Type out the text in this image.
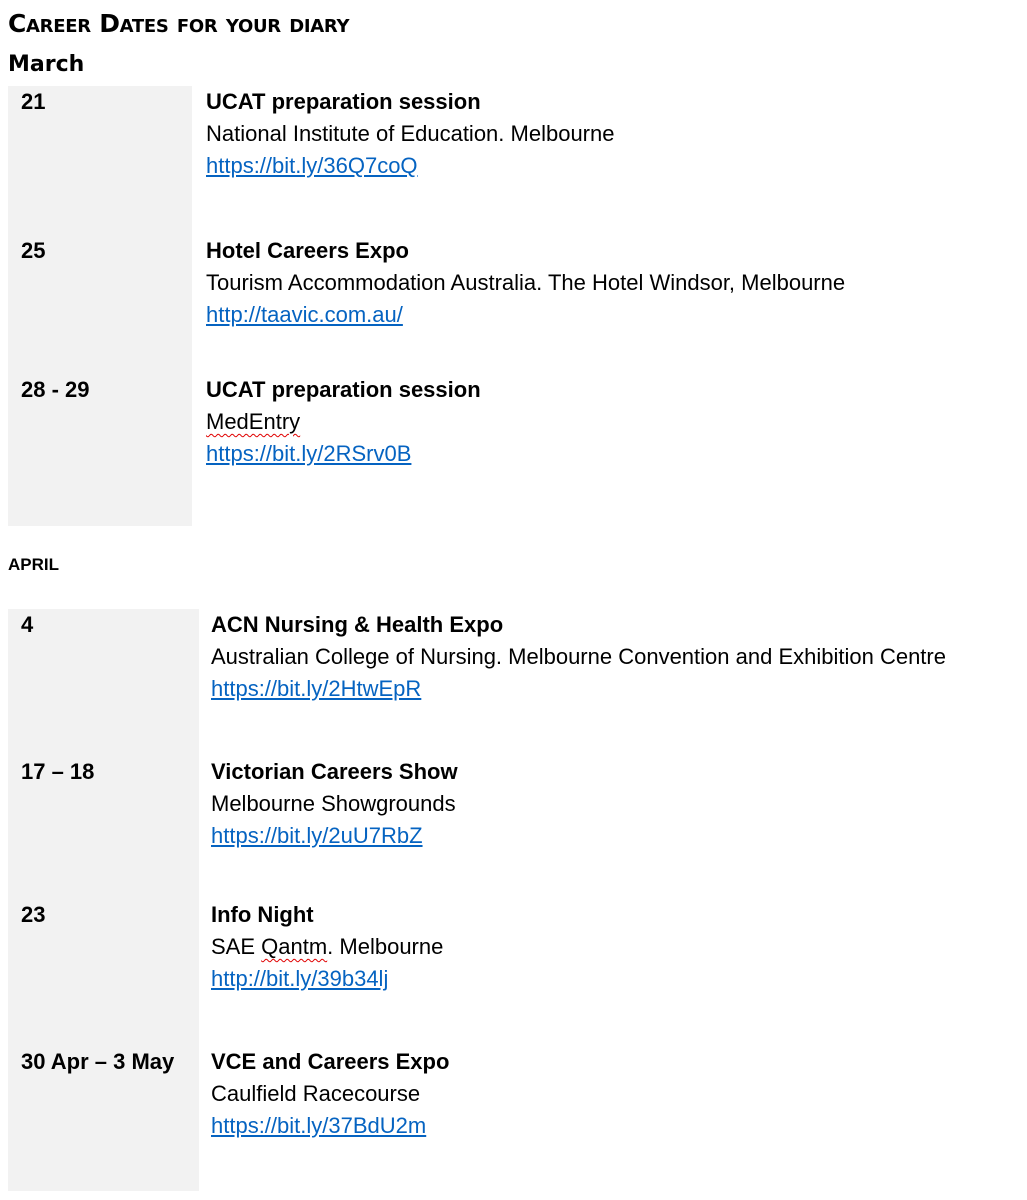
Career Dates for your diary
March
21	UCAT preparation session
National Institute of Education. Melbourne
https://bit.ly/36Q7coQ
25	Hotel Careers Expo
Tourism Accommodation Australia. The Hotel Windsor, Melbourne
http://taavic.com.au/
28 - 29	UCAT preparation session
MedEntry
https://bit.ly/2RSrv0B
APRIL
4	ACN Nursing & Health Expo
Australian College of Nursing. Melbourne Convention and Exhibition Centre
https://bit.ly/2HtwEpR
17 – 18	Victorian Careers Show
Melbourne Showgrounds
https://bit.ly/2uU7RbZ
23	Info Night
SAE Qantm. Melbourne
http://bit.ly/39b34lj
30 Apr – 3 May	VCE and Careers Expo
Caulfield Racecourse
https://bit.ly/37BdU2m
